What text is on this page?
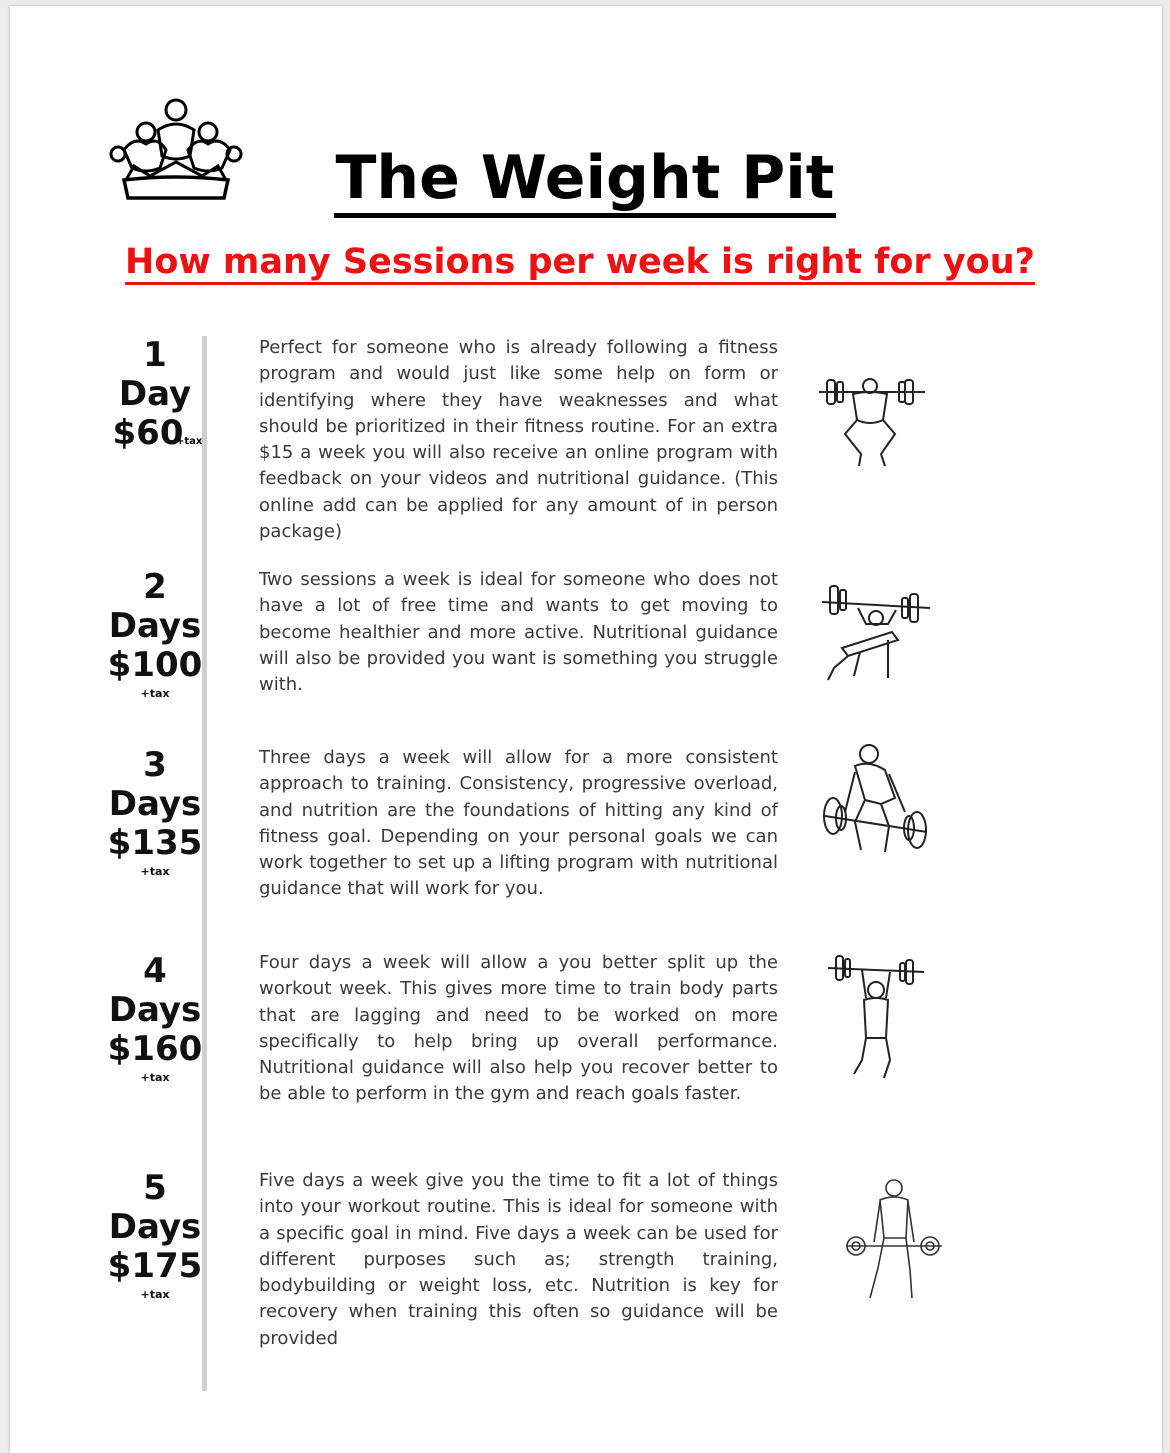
The Weight Pit
How many Sessions per week is right for you?
1
Day
$60
+tax

Perfect for someone who is already following a fitness program and would just like some help on form or identifying where they have weaknesses and what should be prioritized in their fitness routine. For an extra $15 a week you will also receive an online program with feedback on your videos and nutritional guidance. (This online add can be applied for any amount of in person package)

2
Days
$100
+tax

Two sessions a week is ideal for someone who does not have a lot of free time and wants to get moving to become healthier and more active. Nutritional guidance will also be provided you want is something you struggle with.

3
Days
$135
+tax

Three days a week will allow for a more consistent approach to training. Consistency, progressive overload, and nutrition are the foundations of hitting any kind of fitness goal. Depending on your personal goals we can work together to set up a lifting program with nutritional guidance that will work for you.

4
Days
$160
+tax

Four days a week will allow a you better split up the workout week. This gives more time to train body parts that are lagging and need to be worked on more specifically to help bring up overall performance. Nutritional guidance will also help you recover better to be able to perform in the gym and reach goals faster.

5
Days
$175
+tax

Five days a week give you the time to fit a lot of things into your workout routine. This is ideal for someone with a specific goal in mind. Five days a week can be used for different purposes such as; strength training, bodybuilding or weight loss, etc. Nutrition is key for recovery when training this often so guidance will be provided
